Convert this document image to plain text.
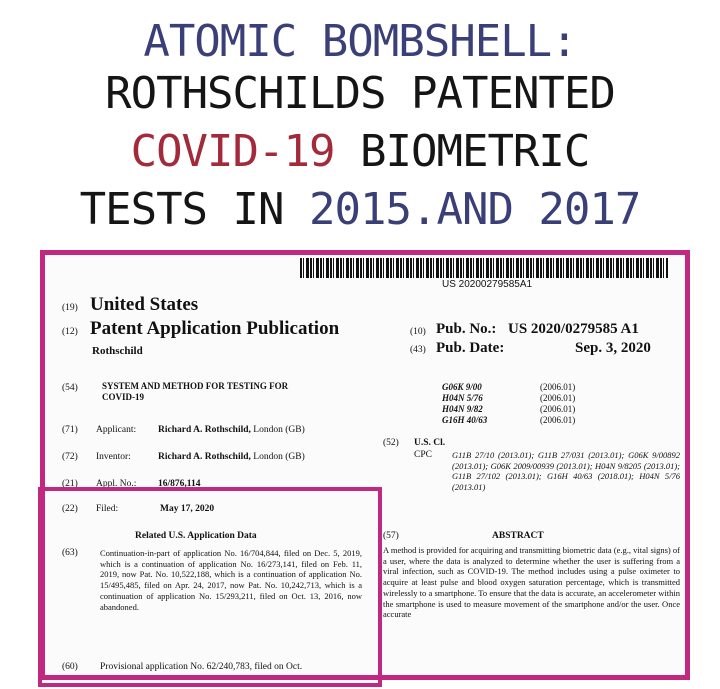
ATOMIC BOMBSHELL:
ROTHSCHILDS PATENTED
COVID-19 BIOMETRIC
TESTS IN 2015.AND 2017
US 20200279585A1
(19) United States
(12) Patent Application Publication
Rothschild
(10) Pub. No.: US 2020/0279585 A1
(43) Pub. Date:	Sep. 3, 2020
(54)	SYSTEM AND METHOD FOR TESTING FOR
COVID-19
(71) Applicant: Richard A. Rothschild, London (GB)
(72) Inventor:	Richard A. Rothschild, London (GB)
(21) Appl. No.: 16/876,114
(22) Filed:	May 17, 2020
Related U.S. Application Data
(63)	Continuation-in-part of application No. 16/704,844, filed on Dec. 5, 2019, which is a continuation of application No. 16/273,141, filed on Feb. 11, 2019, now Pat. No. 10,522,188, which is a continuation of application No. 15/495,485, filed on Apr. 24, 2017, now Pat. No. 10,242,713, which is a continuation of application No. 15/293,211, filed on Oct. 13, 2016, now abandoned.
(60) Provisional application No. 62/240,783, filed on Oct.
G06K 9/00	(2006.01)
H04N 5/76	(2006.01)
H04N 9/82	(2006.01)
G16H 40/63	(2006.01)
(52) U.S. Cl.
CPC G11B 27/10 (2013.01); G11B 27/031 (2013.01); G06K 9/00892 (2013.01); G06K 2009/00939 (2013.01); H04N 9/8205 (2013.01); G11B 27/102 (2013.01); G16H 40/63 (2018.01); H04N 5/76 (2013.01)
(57)	ABSTRACT
A method is provided for acquiring and transmitting biometric data (e.g., vital signs) of a user, where the data is analyzed to determine whether the user is suffering from a viral infection, such as COVID-19. The method includes using a pulse oximeter to acquire at least pulse and blood oxygen saturation percentage, which is transmitted wirelessly to a smartphone. To ensure that the data is accurate, an accelerometer within the smartphone is used to measure movement of the smartphone and/or the user. Once accurate
